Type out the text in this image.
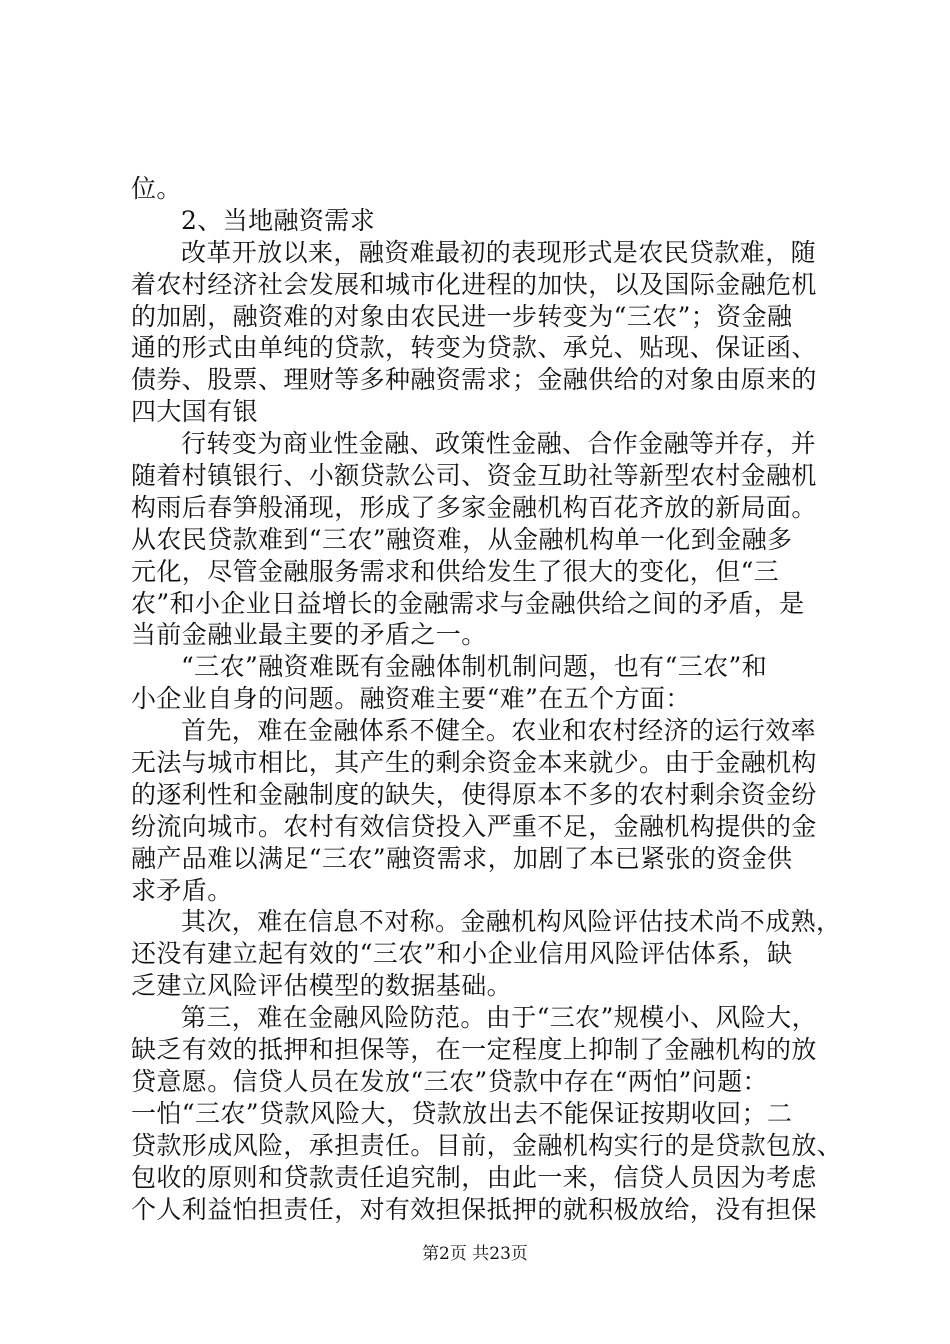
位。
2、当地融资需求
改革开放以来，融资难最初的表现形式是农民贷款难，随
着农村经济社会发展和城市化进程的加快，以及国际金融危机
的加剧，融资难的对象由农民进一步转变为“三农”；资金融
通的形式由单纯的贷款，转变为贷款、承兑、贴现、保证函、
债券、股票、理财等多种融资需求；金融供给的对象由原来的
四大国有银
行转变为商业性金融、政策性金融、合作金融等并存，并
随着村镇银行、小额贷款公司、资金互助社等新型农村金融机
构雨后春笋般涌现，形成了多家金融机构百花齐放的新局面。
从农民贷款难到“三农”融资难，从金融机构单一化到金融多
元化，尽管金融服务需求和供给发生了很大的变化，但“三
农”和小企业日益增长的金融需求与金融供给之间的矛盾，是
当前金融业最主要的矛盾之一。
“三农”融资难既有金融体制机制问题，也有“三农”和
小企业自身的问题。融资难主要“难”在五个方面：
首先，难在金融体系不健全。农业和农村经济的运行效率
无法与城市相比，其产生的剩余资金本来就少。由于金融机构
的逐利性和金融制度的缺失，使得原本不多的农村剩余资金纷
纷流向城市。农村有效信贷投入严重不足，金融机构提供的金
融产品难以满足“三农”融资需求，加剧了本已紧张的资金供
求矛盾。
其次，难在信息不对称。金融机构风险评估技术尚不成熟，
还没有建立起有效的“三农”和小企业信用风险评估体系，缺
乏建立风险评估模型的数据基础。
第三，难在金融风险防范。由于“三农”规模小、风险大，
缺乏有效的抵押和担保等，在一定程度上抑制了金融机构的放
贷意愿。信贷人员在发放“三农”贷款中存在“两怕”问题：
一怕“三农”贷款风险大，贷款放出去不能保证按期收回；二
贷款形成风险，承担责任。目前，金融机构实行的是贷款包放、
包收的原则和贷款责任追究制，由此一来，信贷人员因为考虑
个人利益怕担责任，对有效担保抵押的就积极放给，没有担保
第2页 共23页
